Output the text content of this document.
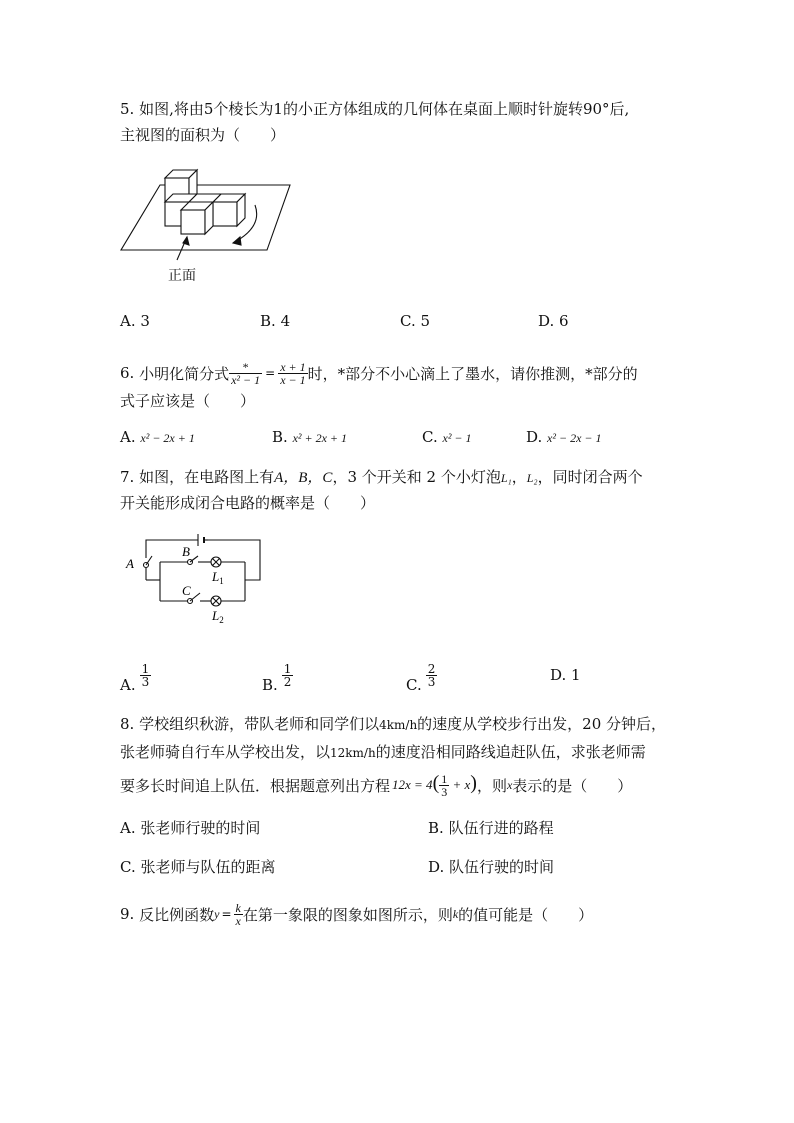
5. 如图,将由5个棱长为1的小正方体组成的几何体在桌面上顺时针旋转90°后,
主视图的面积为（　　）
正面
A. 3	B. 4	C. 5	D. 6
6.
小明化简分式 $\frac{*}{\text{x² − 1}} = \frac{x + 1}{x - 1}$ 时，*部分不小心滴上了墨水，请你推测，*部分的
式子应该是（　　）
A. x² − 2x + 1	B. x² + 2x + 1	C. x² − 1	D. x² − 2x − 1
7. 如图，在电路图上有A，B，C，3 个开关和 2 个小灯泡L₁，L₂，同时闭合两个
开关能形成闭合电路的概率是（　　）
A
B
C
$L_1$
$L_2$
A. $\frac{1}{3}$	B. $\frac{1}{2}$	C. $\frac{2}{3}$	D. 1
8. 学校组织秋游，带队老师和同学们以4km/h的速度从学校步行出发，20 分钟后，
张老师骑自行车从学校出发，以12km/h的速度沿相同路线追赶队伍，求张老师需
要多长时间追上队伍．根据题意列出方程 $12x = 4( \frac{1}{3} + x)$ ，则 x 表示的是（　　）
A. 张老师行驶的时间	B. 队伍行进的路程
C. 张老师与队伍的距离	D. 队伍行驶的时间
9.
反比例函数 $y = \frac{k}{x}$ 在第一象限的图象如图所示，则 k 的值可能是（　　）
